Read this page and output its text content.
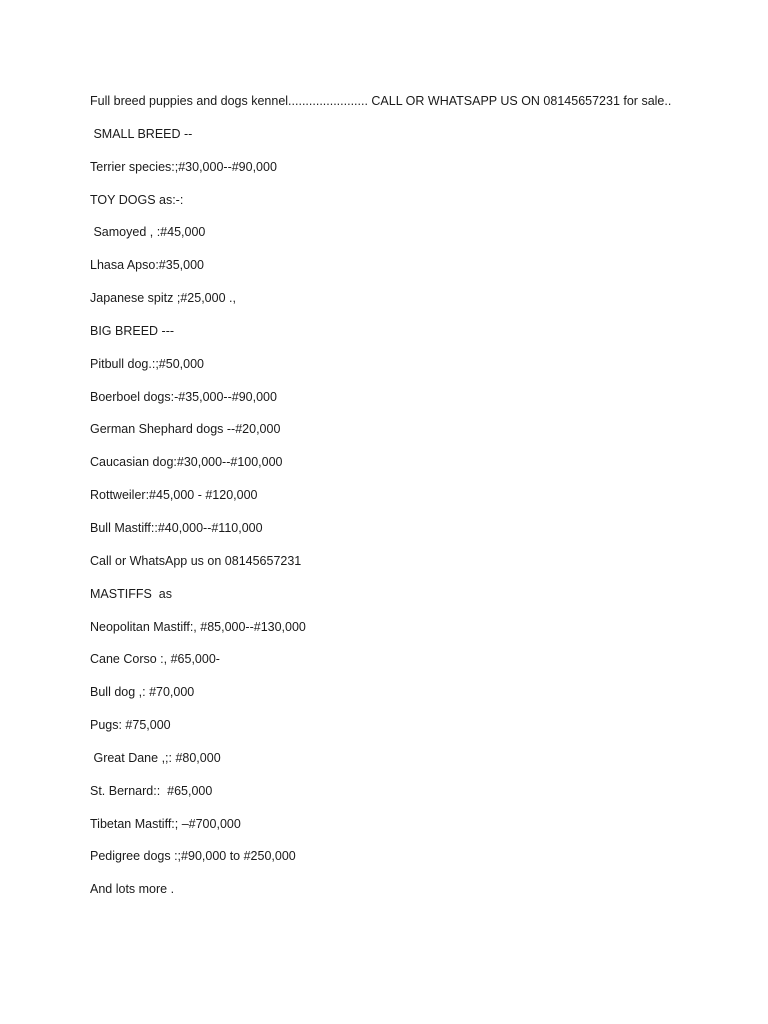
Full breed puppies and dogs kennel....................... CALL OR WHATSAPP US ON 08145657231 for sale..
SMALL BREED --
Terrier species:;#30,000--#90,000
TOY DOGS as:-:
Samoyed , :#45,000
Lhasa Apso:#35,000
Japanese spitz ;#25,000 .,
BIG BREED ---
Pitbull dog.:;#50,000
Boerboel dogs:-#35,000--#90,000
German Shephard dogs --#20,000
Caucasian dog:#30,000--#100,000
Rottweiler:#45,000 - #120,000
Bull Mastiff::#40,000--#110,000
Call or WhatsApp us on 08145657231
MASTIFFS  as
Neopolitan Mastiff:, #85,000--#130,000
Cane Corso :, #65,000-
Bull dog ,: #70,000
Pugs: #75,000
Great Dane ,;: #80,000
St. Bernard::  #65,000
Tibetan Mastiff:; –#700,000
Pedigree dogs :;#90,000 to #250,000
And lots more .
